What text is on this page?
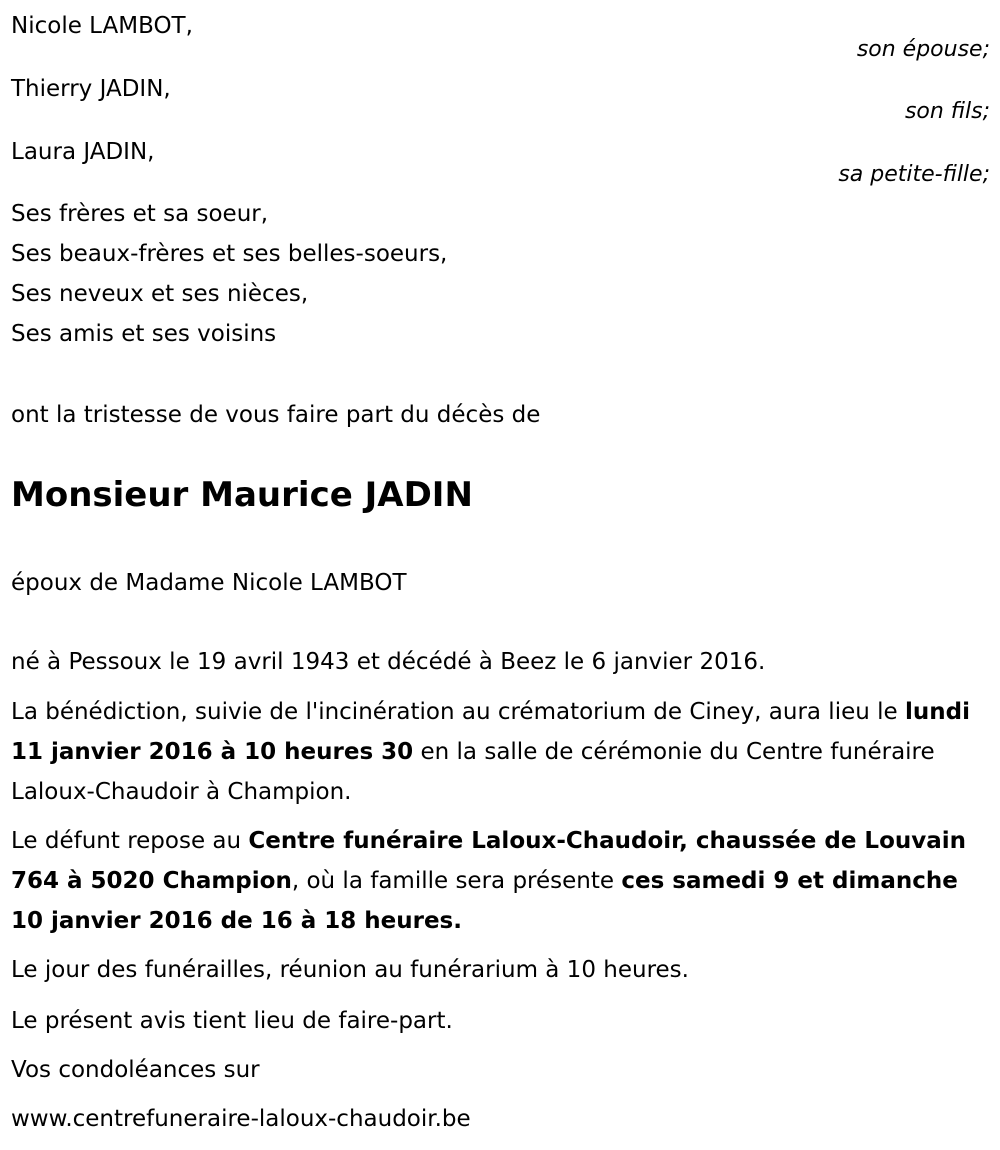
Nicole LAMBOT,
son épouse;
Thierry JADIN,
son fils;
Laura JADIN,
sa petite-fille;
Ses frères et sa soeur,
Ses beaux-frères et ses belles-soeurs,
Ses neveux et ses nièces,
Ses amis et ses voisins
ont la tristesse de vous faire part du décès de
Monsieur Maurice JADIN
époux de Madame Nicole LAMBOT
né à Pessoux le 19 avril 1943 et décédé à Beez le 6 janvier 2016.
La bénédiction, suivie de l'incinération au crématorium de Ciney, aura lieu le lundi 11 janvier 2016 à 10 heures 30 en la salle de cérémonie du Centre funéraire Laloux-Chaudoir à Champion.
Le défunt repose au Centre funéraire Laloux-Chaudoir, chaussée de Louvain 764 à 5020 Champion, où la famille sera présente ces samedi 9 et dimanche 10 janvier 2016 de 16 à 18 heures.
Le jour des funérailles, réunion au funérarium à 10 heures.
Le présent avis tient lieu de faire-part.
Vos condoléances sur
www.centrefuneraire-laloux-chaudoir.be
